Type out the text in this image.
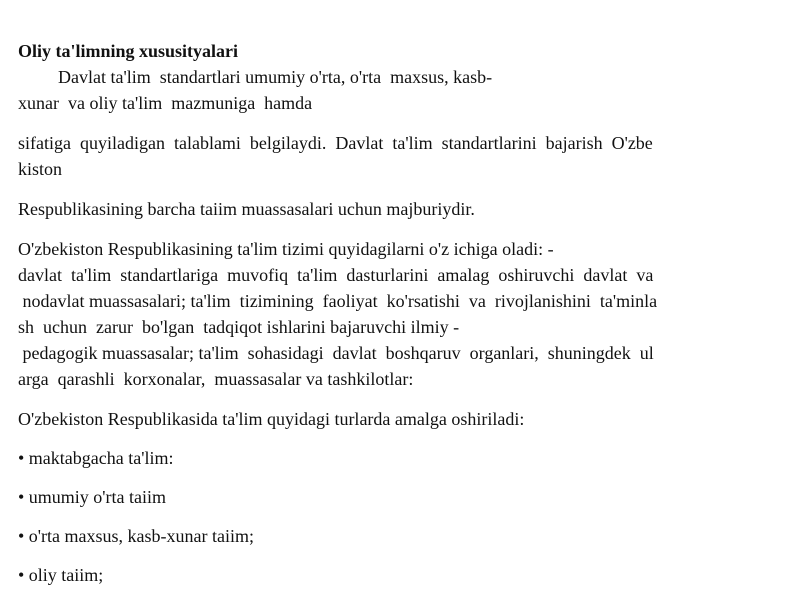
Oliy ta'limning xususityalari
Davlat ta'lim  standartlari umumiy o'rta, o'rta  maxsus, kasb-
xunar  va oliy ta'lim  mazmuniga  hamda
sifatiga  quyiladigan  talablami  belgilaydi.  Davlat  ta'lim  standartlarini  bajarish  O'zbe
kiston
Respublikasining barcha taiim muassasalari uchun majburiydir.
O'zbekiston Respublikasining ta'lim tizimi quyidagilarni o'z ichiga oladi: -
davlat  ta'lim  standartlariga  muvofiq  ta'lim  dasturlarini  amalag  oshiruvchi  davlat  va
nodavlat muassasalari; ta'lim  tizimining  faoliyat  ko'rsatishi  va  rivojlanishini  ta'minla
sh  uchun  zarur  bo'lgan  tadqiqot ishlarini bajaruvchi ilmiy -
pedagogik muassasalar; ta'lim  sohasidagi  davlat  boshqaruv  organlari,  shuningdek  ul
arga  qarashli  korxonalar,  muassasalar va tashkilotlar:
O'zbekiston Respublikasida ta'lim quyidagi turlarda amalga oshiriladi:
• maktabgacha ta'lim:
• umumiy o'rta taiim
• o'rta maxsus, kasb-xunar taiim;
• oliy taiim;
